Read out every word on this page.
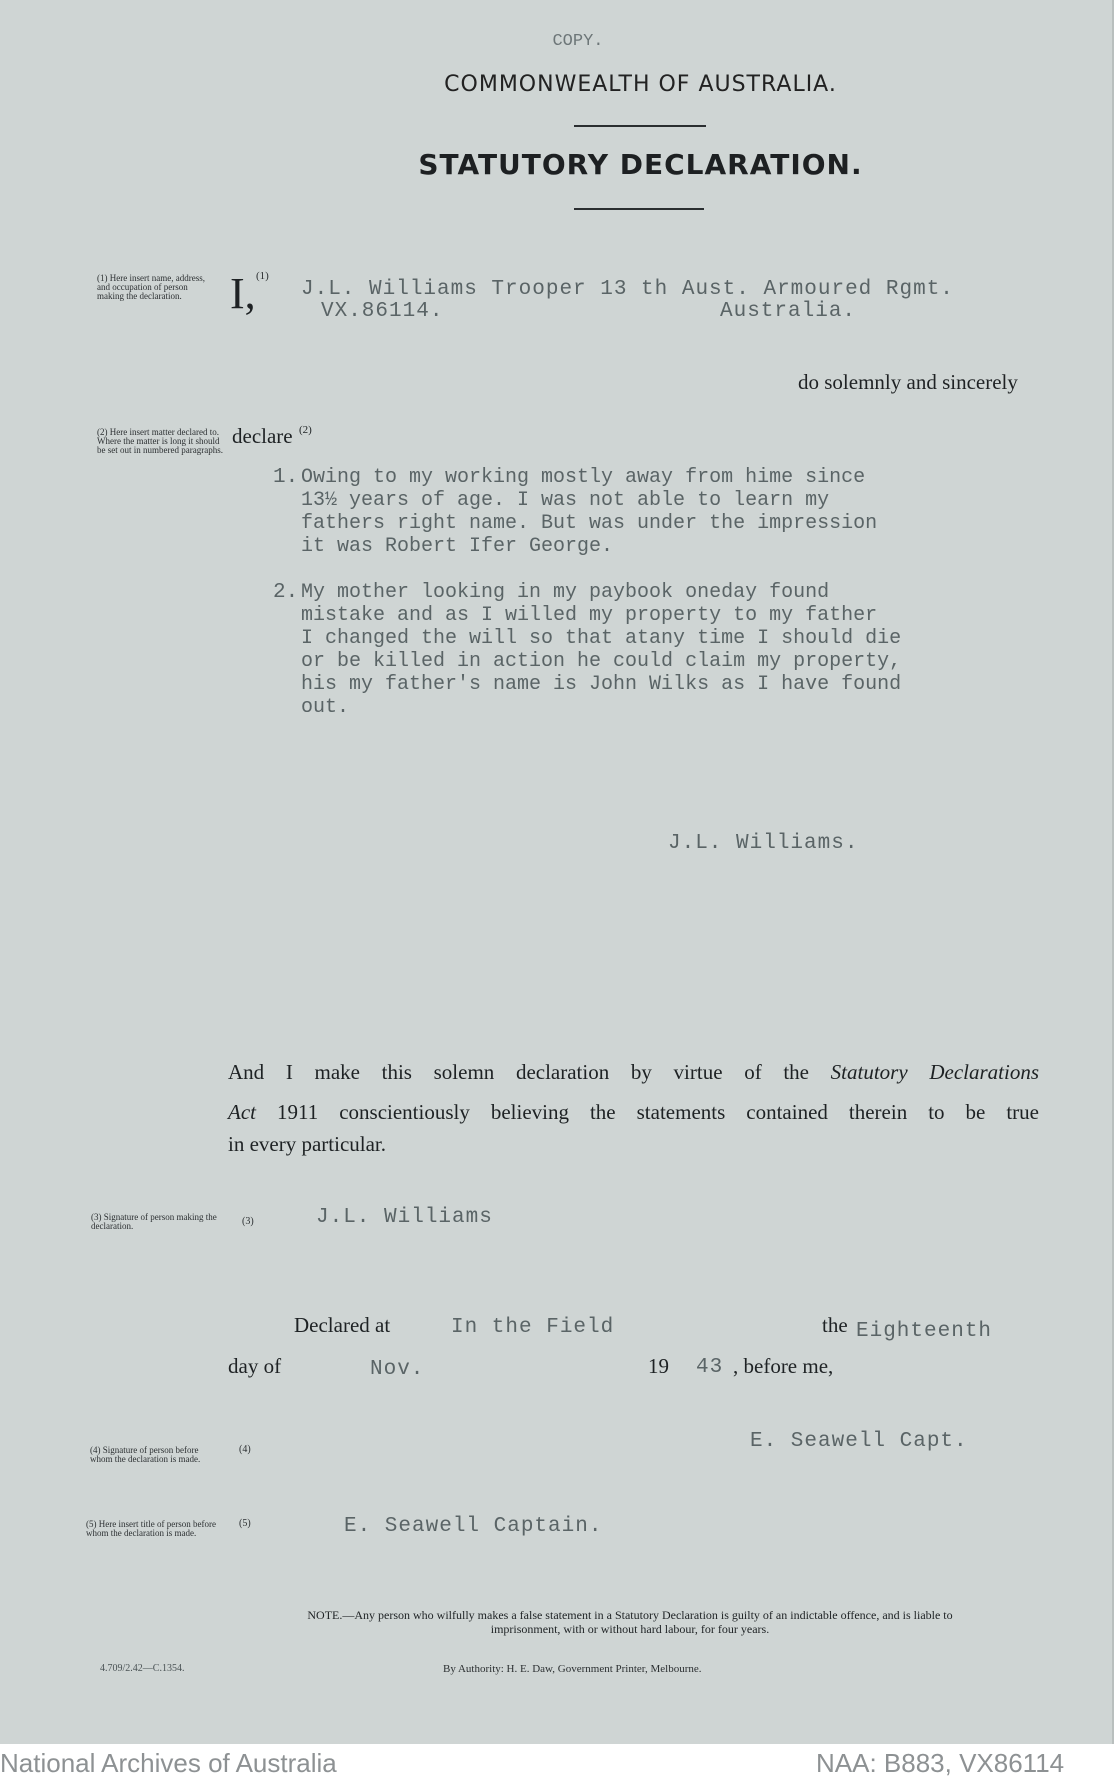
COPY.
COMMONWEALTH OF AUSTRALIA.
STATUTORY DECLARATION.
(1) Here insert name, address, and occupation of person making the declaration.	I, (1)
J.L. Williams Trooper 13 th Aust. Armoured Rgmt.
VX.86114.	Australia.
do solemnly and sincerely
(2) Here insert matter declared to. Where the matter is long it should be set out in numbered paragraphs.
declare (2)
1. Owing to my working mostly away from hime since
13½ years of age. I was not able to learn my
fathers right name. But was under the impression
it was Robert Ifer George.
2. My mother looking in my paybook oneday found
mistake and as I willed my property to my father
I changed the will so that atany time I should die
or be killed in action he could claim my property,
his my father's name is John Wilks as I have found
out.
J.L. Williams.
And I make this solemn declaration by virtue of the Statutory Declarations
Act 1911 conscientiously believing the statements contained therein to be true
in every particular.
(3) Signature of person making the declaration.	(3)	J.L. Williams
Declared at	In the Field	the Eighteenth
day of	Nov.	19 43 , before me,
(4) Signature of person before whom the declaration is made.
(4)	E. Seawell Capt.
(5) Here insert title of person before whom the declaration is made.
(5)	E. Seawell Captain.
NOTE.—Any person who wilfully makes a false statement in a Statutory Declaration is guilty of an indictable offence, and is liable to imprisonment, with or without hard labour, for four years.
4.709/2.42—C.1354.	By Authority: H. E. Daw, Government Printer, Melbourne.
National Archives of Australia	NAA: B883, VX86114
